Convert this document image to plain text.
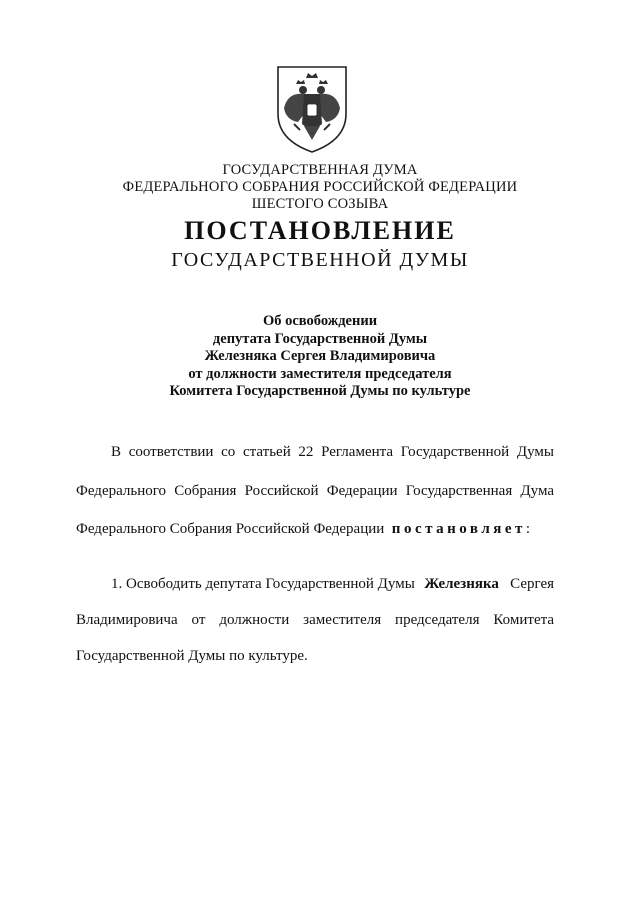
ГОСУДАРСТВЕННАЯ ДУМА
ФЕДЕРАЛЬНОГО СОБРАНИЯ РОССИЙСКОЙ ФЕДЕРАЦИИ
ШЕСТОГО СОЗЫВА
ПОСТАНОВЛЕНИЕ
ГОСУДАРСТВЕННОЙ ДУМЫ
Об освобождении
депутата Государственной Думы
Железняка Сергея Владимировича
от должности заместителя председателя
Комитета Государственной Думы по культуре
В соответствии со статьей 22 Регламента Государственной Думы
Федерального Собрания Российской Федерации Государственная Дума
Федерального Собрания Российской Федерации постановляет:
1. Освободить депутата Государственной Думы Железняка Сергея
Владимировича от должности заместителя председателя Комитета
Государственной Думы по культуре.
